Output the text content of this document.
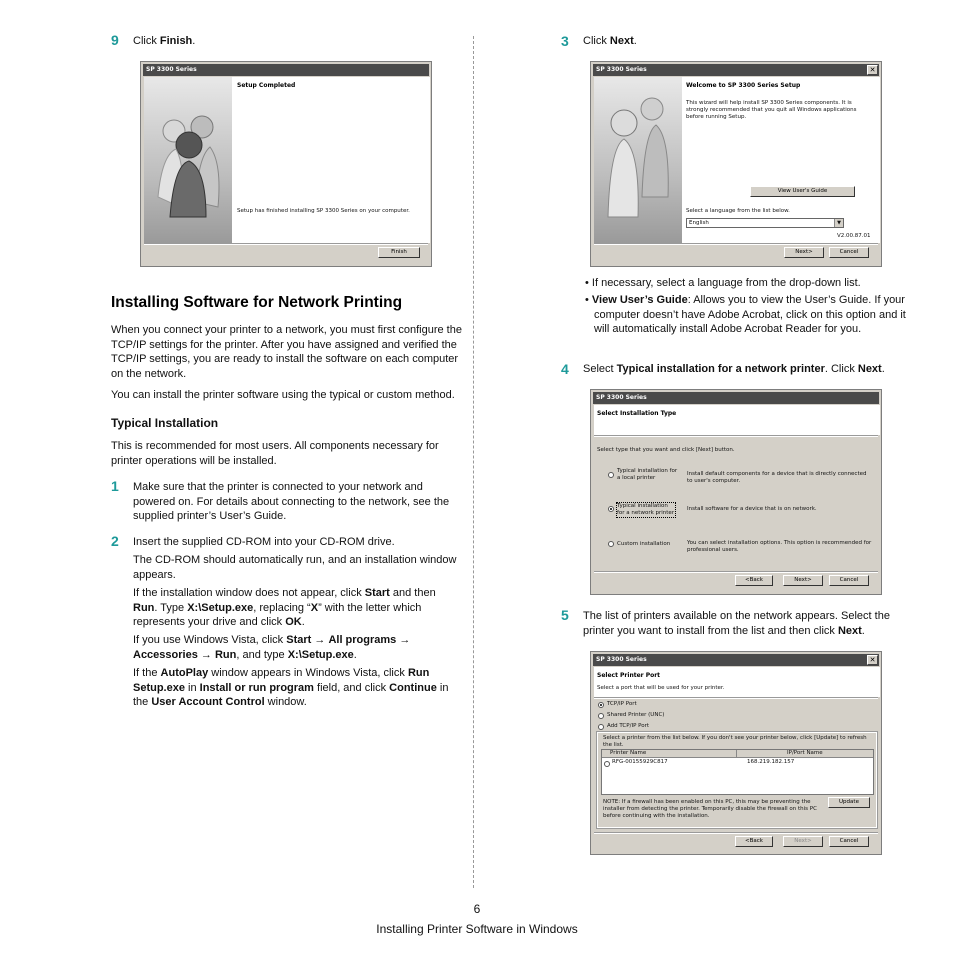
9 Click Finish.
SP 3300 Series
Setup Completed
Setup has finished installing SP 3300 Series on your computer.
Finish
Installing Software for Network Printing
When you connect your printer to a network, you must first configure the TCP/IP settings for the printer. After you have assigned and verified the TCP/IP settings, you are ready to install the software on each computer on the network.
You can install the printer software using the typical or custom method.
Typical Installation
This is recommended for most users. All components necessary for printer operations will be installed.
1 Make sure that the printer is connected to your network and powered on. For details about connecting to the network, see the supplied printer’s User’s Guide.
2 Insert the supplied CD-ROM into your CD-ROM drive.
The CD-ROM should automatically run, and an installation window appears.
If the installation window does not appear, click Start and then Run. Type X:\Setup.exe, replacing “X” with the letter which represents your drive and click OK.
If you use Windows Vista, click Start → All programs → Accessories → Run, and type X:\Setup.exe.
If the AutoPlay window appears in Windows Vista, click Run Setup.exe in Install or run program field, and click Continue in the User Account Control window.
3 Click Next.
SP 3300 Series	✕
Welcome to SP 3300 Series Setup
This wizard will help install SP 3300 Series components. It is strongly recommended that you quit all Windows applications before running Setup.
View User's Guide
Select a language from the list below.
English	▼
V2.00.87.01
Next>	Cancel
• If necessary, select a language from the drop-down list.
• View User’s Guide: Allows you to view the User’s Guide. If your computer doesn’t have Adobe Acrobat, click on this option and it will automatically install Adobe Acrobat Reader for you.
4 Select Typical installation for a network printer. Click Next.
SP 3300 Series
Select Installation Type
Select type that you want and click [Next] button.
Typical installation for a local printer
Install default components for a device that is directly connected to user's computer.
Typical installation for a network printer
Install software for a device that is on network.
Custom installation	You can select installation options. This option is recommended for professional users.
<Back	Next>	Cancel
5 The list of printers available on the network appears. Select the printer you want to install from the list and then click Next.
SP 3300 Series	✕
Select Printer Port
Select a port that will be used for your printer.
TCP/IP Port
Shared Printer (UNC)
Add TCP/IP Port
Select a printer from the list below. If you don't see your printer below, click [Update] to refresh the list.
Printer Name	IP/Port Name
RFG-00155929C817	168.219.182.157
NOTE: If a firewall has been enabled on this PC, this may be preventing the installer from detecting the printer. Temporarily disable the firewall on this PC before continuing with the installation.
Update
<Back	Next>	Cancel
6
Installing Printer Software in Windows
